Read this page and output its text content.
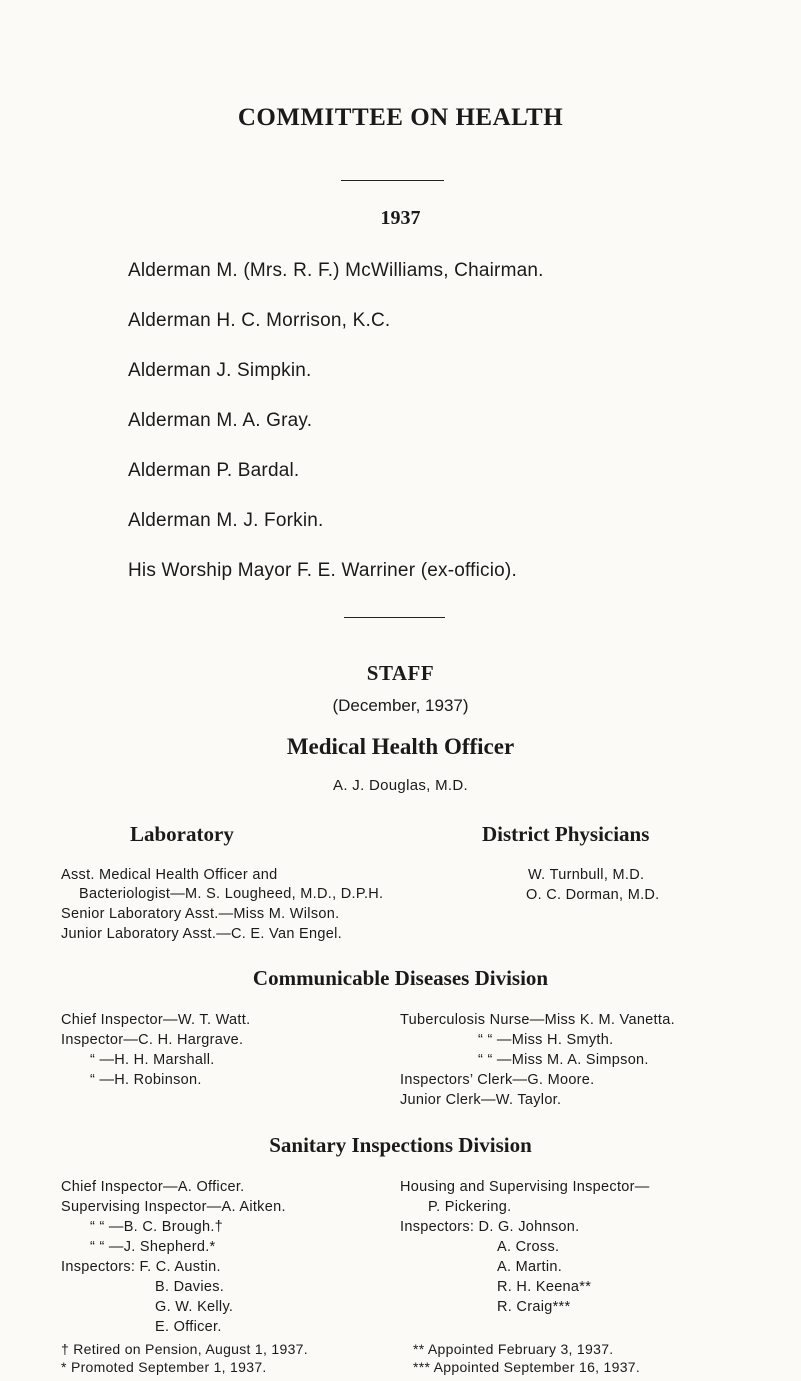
COMMITTEE ON HEALTH
1937
Alderman M. (Mrs. R. F.) McWilliams, Chairman.
Alderman H. C. Morrison, K.C.
Alderman J. Simpkin.
Alderman M. A. Gray.
Alderman P. Bardal.
Alderman M. J. Forkin.
His Worship Mayor F. E. Warriner (ex-officio).
STAFF
(December, 1937)
Medical Health Officer
A. J. Douglas, M.D.
Laboratory
Asst. Medical Health Officer and
Bacteriologist—M. S. Lougheed, M.D., D.P.H.
Senior Laboratory Asst.—Miss M. Wilson.
Junior Laboratory Asst.—C. E. Van Engel.
District Physicians
W. Turnbull, M.D.
O. C. Dorman, M.D.
Communicable Diseases Division
Chief Inspector—W. T. Watt.
Inspector—C. H. Hargrave.
“ —H. H. Marshall.
“ —H. Robinson.
Tuberculosis Nurse—Miss K. M. Vanetta.
“ “ —Miss H. Smyth.
“ “ —Miss M. A. Simpson.
Inspectors’ Clerk—G. Moore.
Junior Clerk—W. Taylor.
Sanitary Inspections Division
Chief Inspector—A. Officer.
Supervising Inspector—A. Aitken.
“ “ —B. C. Brough.†
“ “ —J. Shepherd.*
Inspectors: F. C. Austin.
B. Davies.
G. W. Kelly.
E. Officer.
Housing and Supervising Inspector—
P. Pickering.
Inspectors: D. G. Johnson.
A. Cross.
A. Martin.
R. H. Keena**
R. Craig***
† Retired on Pension, August 1, 1937.
* Promoted September 1, 1937.
** Appointed February 3, 1937.
*** Appointed September 16, 1937.
